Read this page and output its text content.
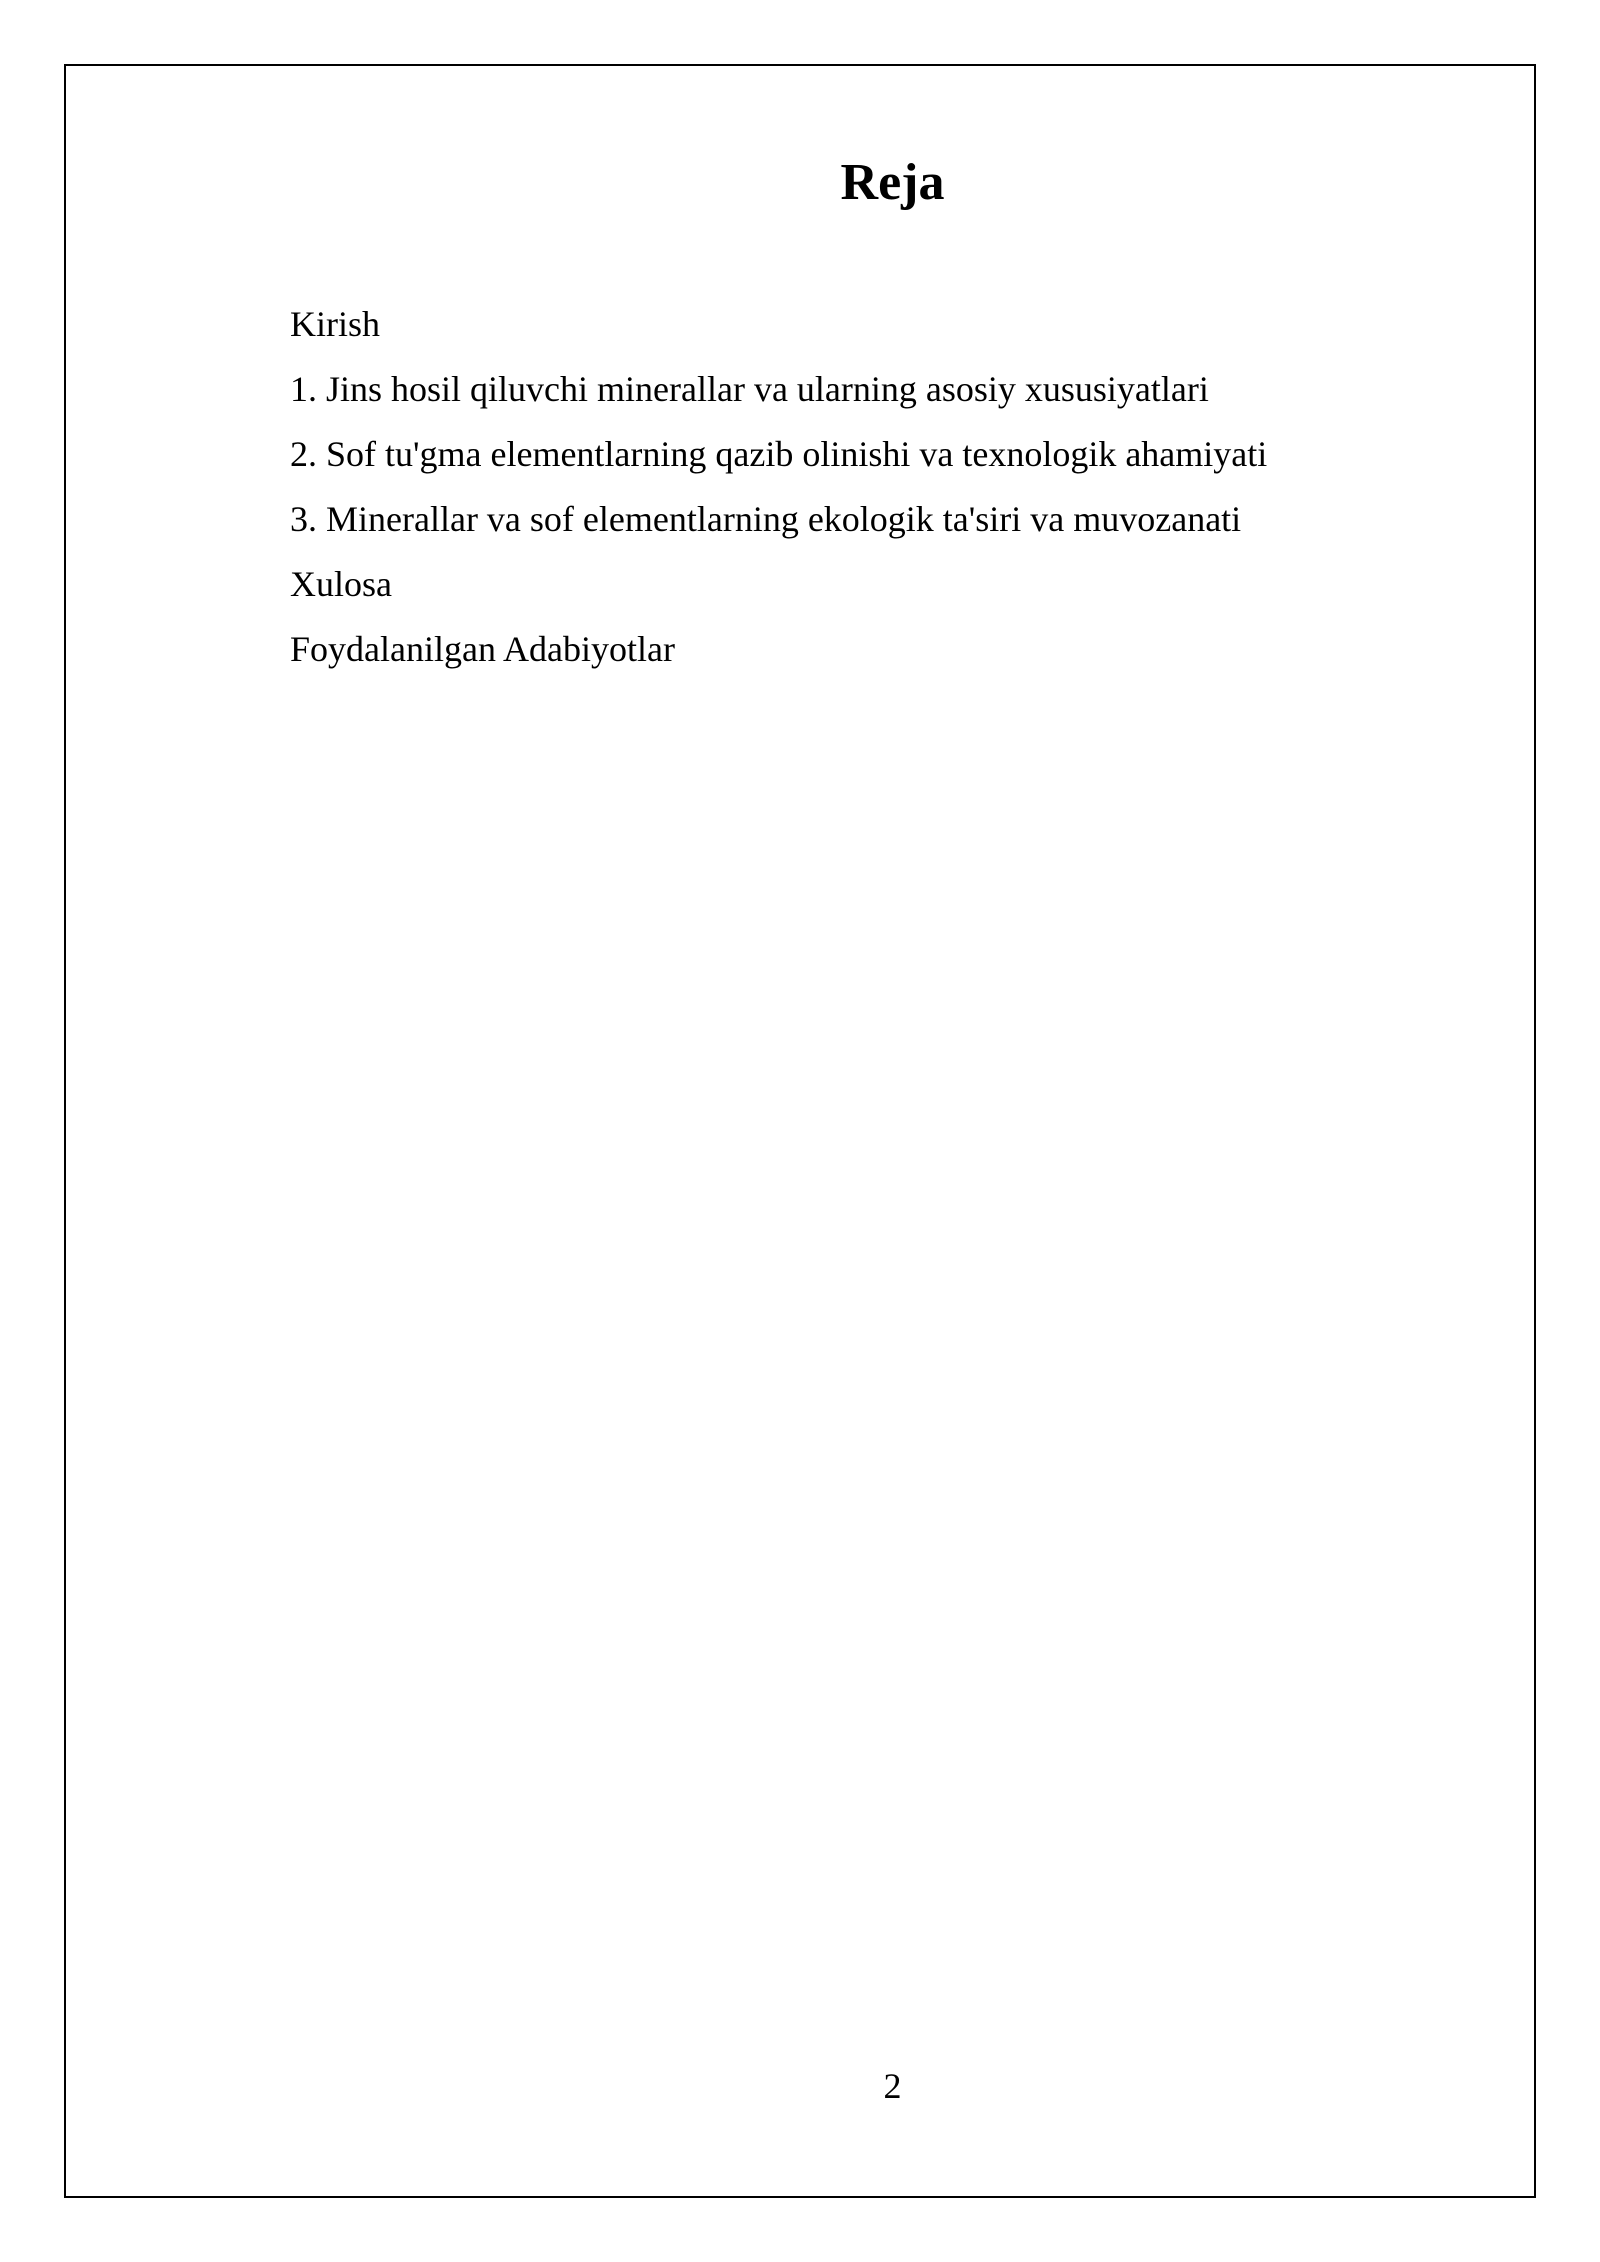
Reja
Kirish
1. Jins hosil qiluvchi minerallar va ularning asosiy xususiyatlari
2. Sof tu'gma elementlarning qazib olinishi va texnologik ahamiyati
3. Minerallar va sof elementlarning ekologik ta'siri va muvozanati
Xulosa
Foydalanilgan Adabiyotlar
2
